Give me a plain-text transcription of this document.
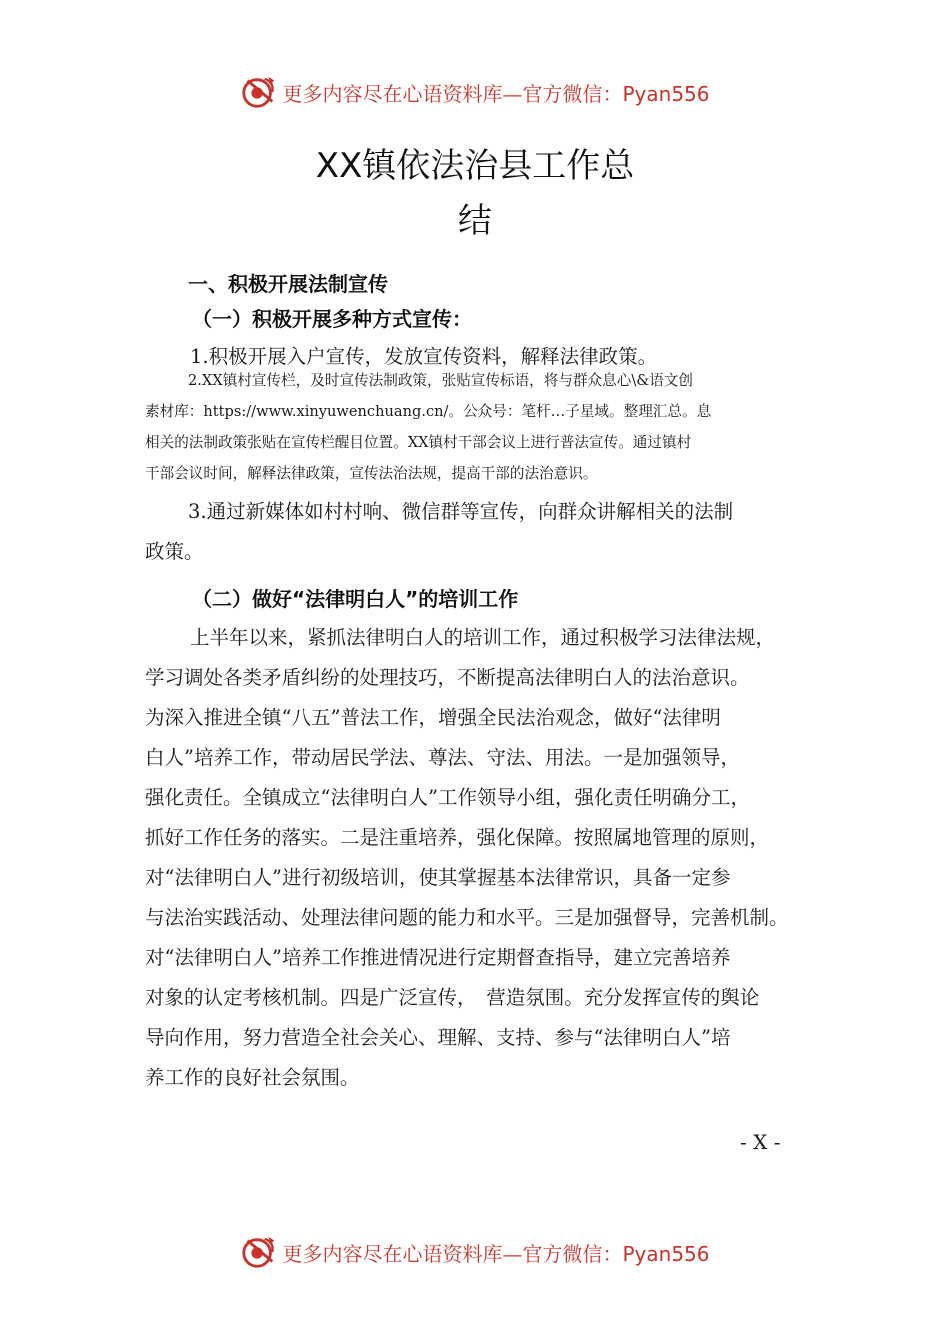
更多内容尽在心语资料库—官方微信：Pyan556
XX镇依法治县工作总
结
一、积极开展法制宣传
（一）积极开展多种方式宣传：
1.积极开展入户宣传，发放宣传资料，解释法律政策。
2.XX镇村宣传栏，及时宣传法制政策，张贴宣传标语，将与群众息心\&语文创
素材库：https://www.xinyuwenchuang.cn/。公众号：笔杆…子星域。整理汇总。息
相关的法制政策张贴在宣传栏醒目位置。XX镇村干部会议上进行普法宣传。通过镇村
干部会议时间，解释法律政策，宣传法治法规，提高干部的法治意识。
3.通过新媒体如村村响、微信群等宣传，向群众讲解相关的法制
政策。
（二）做好“法律明白人”的培训工作
上半年以来，紧抓法律明白人的培训工作，通过积极学习法律法规，
学习调处各类矛盾纠纷的处理技巧，不断提高法律明白人的法治意识。
为深入推进全镇“八五”普法工作，增强全民法治观念，做好“法律明
白人”培养工作，带动居民学法、尊法、守法、用法。一是加强领导，
强化责任。全镇成立“法律明白人”工作领导小组，强化责任明确分工，
抓好工作任务的落实。二是注重培养，强化保障。按照属地管理的原则，
对“法律明白人”进行初级培训，使其掌握基本法律常识，具备一定参
与法治实践活动、处理法律问题的能力和水平。三是加强督导，完善机制。
对“法律明白人”培养工作推进情况进行定期督查指导，建立完善培养
对象的认定考核机制。四是广泛宣传，　营造氛围。充分发挥宣传的舆论
导向作用，努力营造全社会关心、理解、支持、参与“法律明白人”培
养工作的良好社会氛围。
- X -
更多内容尽在心语资料库—官方微信：Pyan556
